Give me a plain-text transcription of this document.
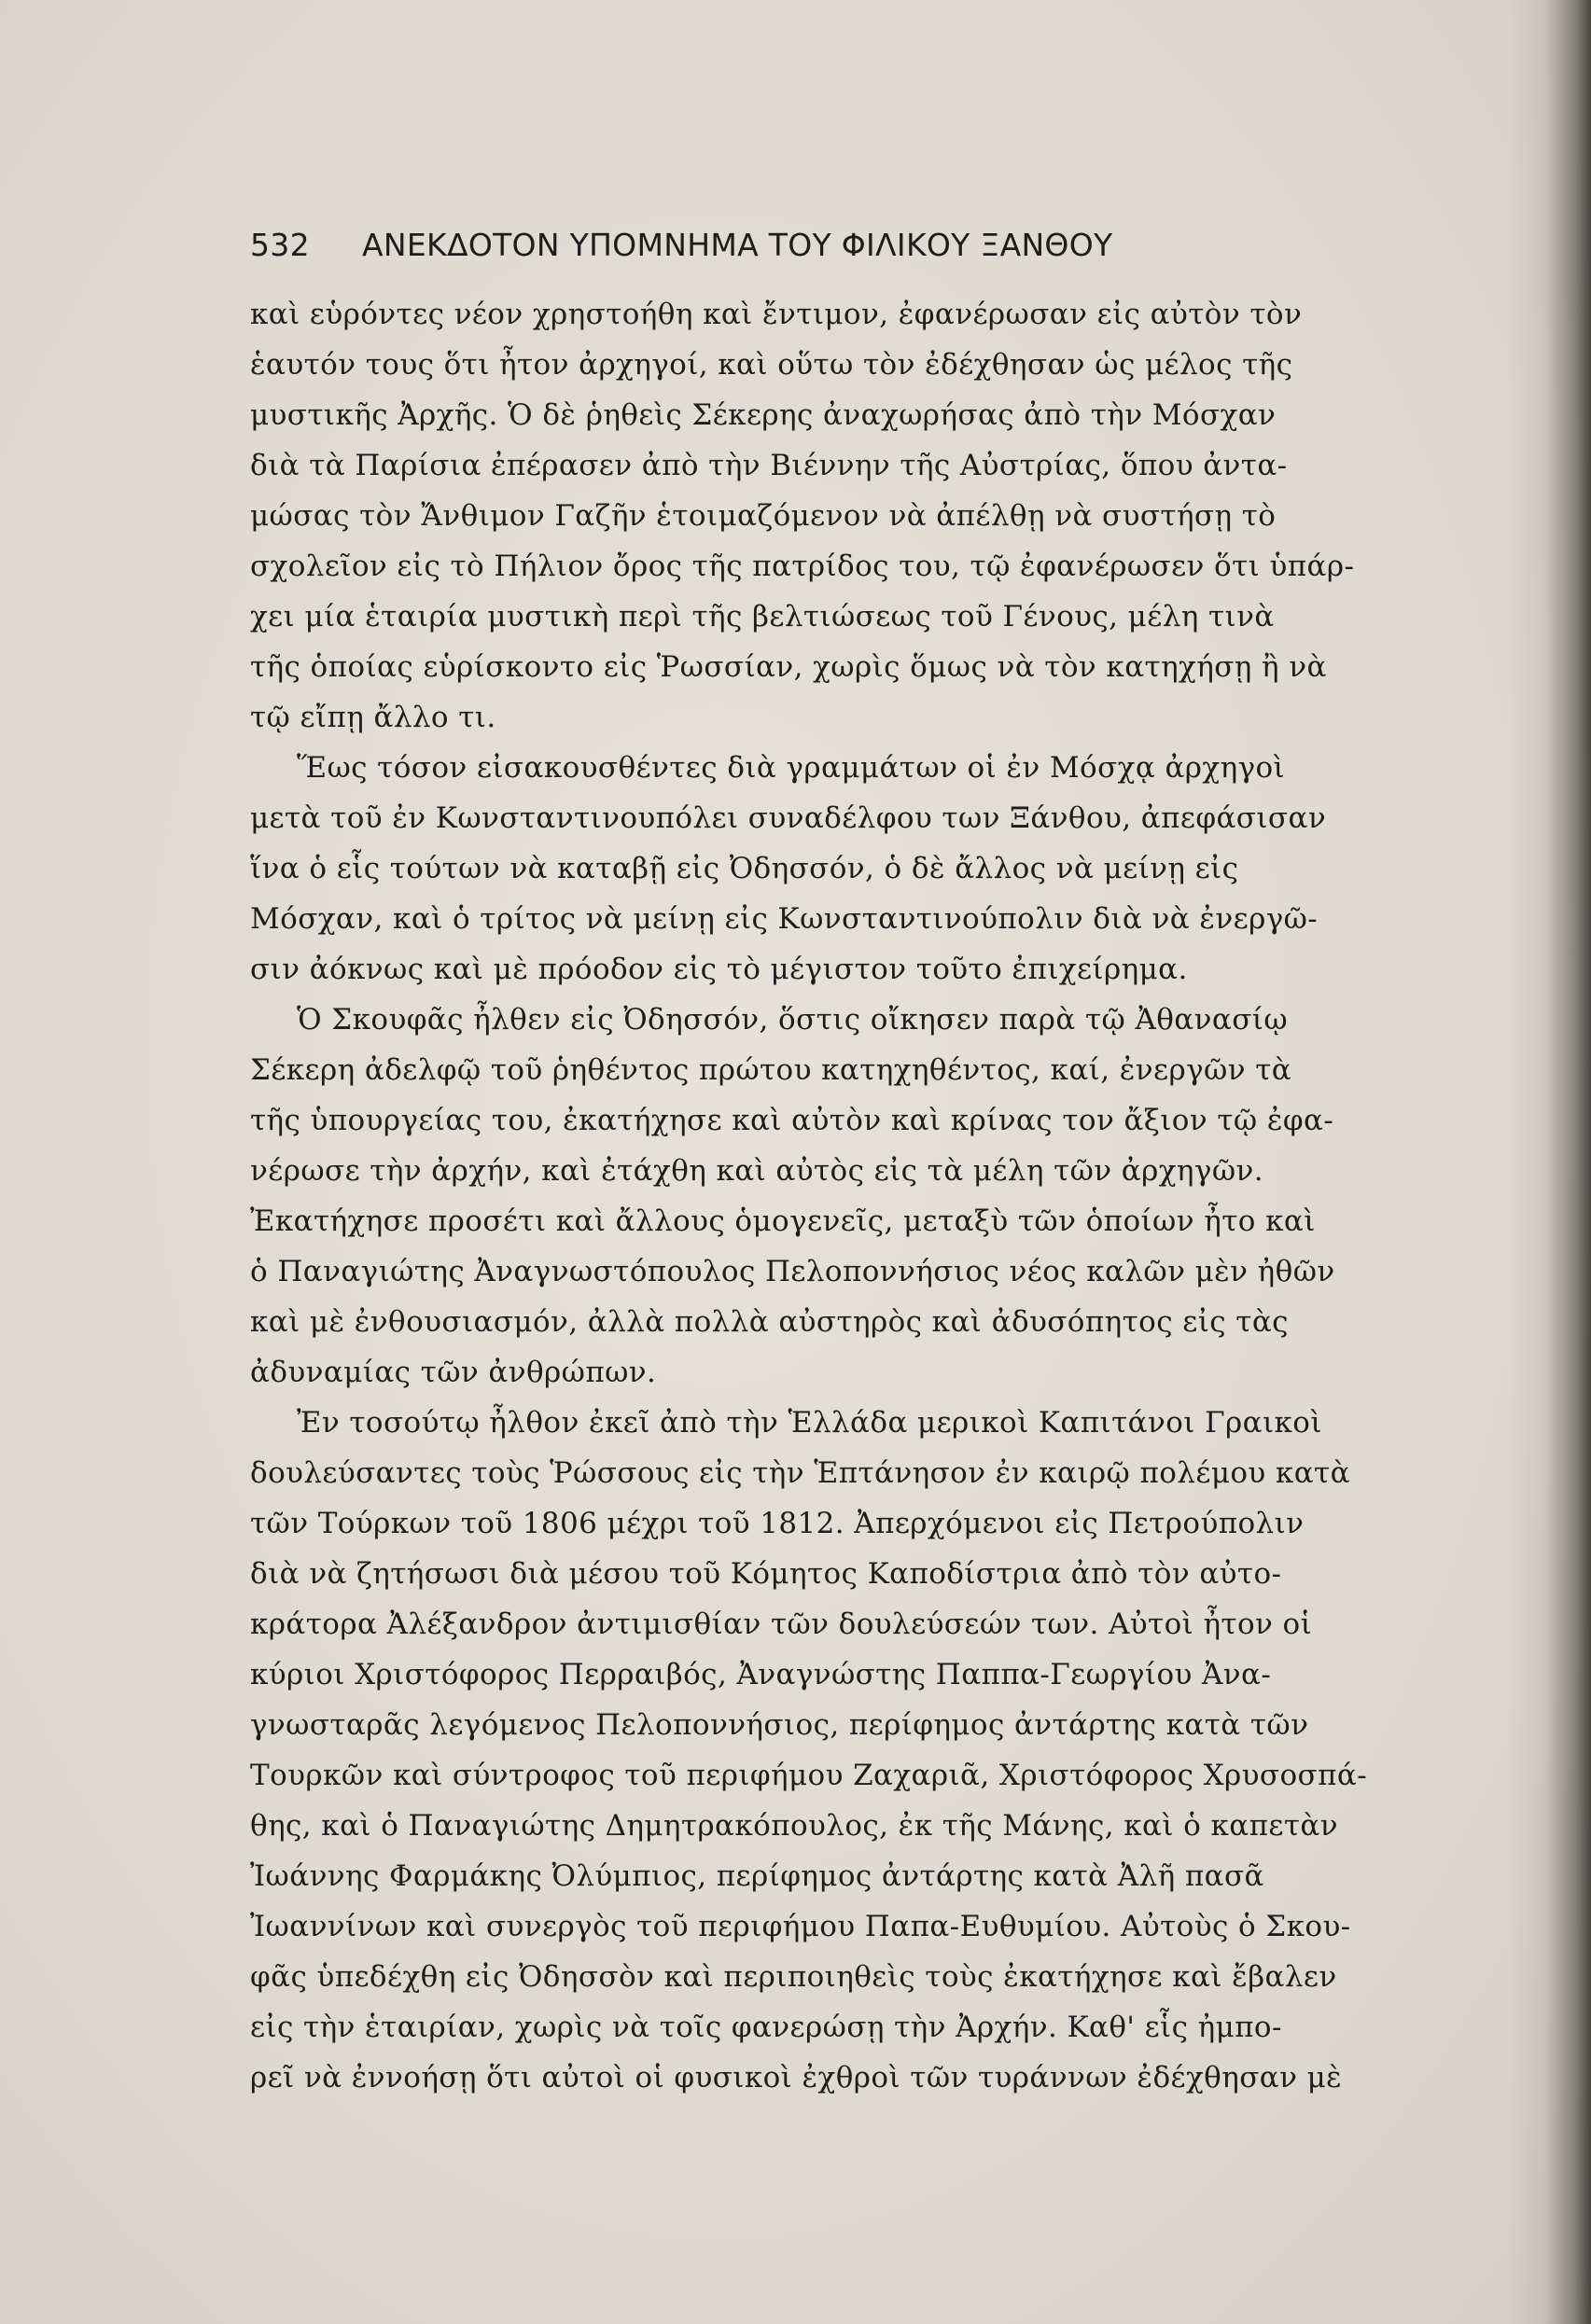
532 ΑΝΕΚΔΟΤΟΝ ΥΠΟΜΝΗΜΑ ΤΟΥ ΦΙΛΙΚΟΥ ΞΑΝΘΟΥ
καὶ εὑρόντες νέον χρηστοήθη καὶ ἔντιμον, ἐφανέρωσαν εἰς αὐτὸν τὸν
ἑαυτόν τους ὅτι ἦτον ἀρχηγοί, καὶ οὕτω τὸν ἐδέχθησαν ὡς μέλος τῆς
μυστικῆς Ἀρχῆς. Ὁ δὲ ῥηθεὶς Σέκερης ἀναχωρήσας ἀπὸ τὴν Μόσχαν
διὰ τὰ Παρίσια ἐπέρασεν ἀπὸ τὴν Βιέννην τῆς Αὐστρίας, ὅπου ἀντα-
μώσας τὸν Ἄνθιμον Γαζῆν ἑτοιμαζόμενον νὰ ἀπέλθῃ νὰ συστήσῃ τὸ
σχολεῖον εἰς τὸ Πήλιον ὄρος τῆς πατρίδος του, τῷ ἐφανέρωσεν ὅτι ὑπάρ-
χει μία ἑταιρία μυστικὴ περὶ τῆς βελτιώσεως τοῦ Γένους, μέλη τινὰ
τῆς ὁποίας εὑρίσκοντο εἰς Ῥωσσίαν, χωρὶς ὅμως νὰ τὸν κατηχήσῃ ἢ νὰ
τῷ εἴπῃ ἄλλο τι.
Ἕως τόσον εἰσακουσθέντες διὰ γραμμάτων οἱ ἐν Μόσχᾳ ἀρχηγοὶ
μετὰ τοῦ ἐν Κωνσταντινουπόλει συναδέλφου των Ξάνθου, ἀπεφάσισαν
ἵνα ὁ εἷς τούτων νὰ καταβῇ εἰς Ὀδησσόν, ὁ δὲ ἄλλος νὰ μείνῃ εἰς
Μόσχαν, καὶ ὁ τρίτος νὰ μείνῃ εἰς Κωνσταντινούπολιν διὰ νὰ ἐνεργῶ-
σιν ἀόκνως καὶ μὲ πρόοδον εἰς τὸ μέγιστον τοῦτο ἐπιχείρημα.
Ὁ Σκουφᾶς ἦλθεν εἰς Ὀδησσόν, ὅστις οἴκησεν παρὰ τῷ Ἀθανασίῳ
Σέκερη ἀδελφῷ τοῦ ῥηθέντος πρώτου κατηχηθέντος, καί, ἐνεργῶν τὰ
τῆς ὑπουργείας του, ἐκατήχησε καὶ αὐτὸν καὶ κρίνας τον ἄξιον τῷ ἐφα-
νέρωσε τὴν ἀρχήν, καὶ ἐτάχθη καὶ αὐτὸς εἰς τὰ μέλη τῶν ἀρχηγῶν.
Ἐκατήχησε προσέτι καὶ ἄλλους ὁμογενεῖς, μεταξὺ τῶν ὁποίων ἦτο καὶ
ὁ Παναγιώτης Ἀναγνωστόπουλος Πελοποννήσιος νέος καλῶν μὲν ἠθῶν
καὶ μὲ ἐνθουσιασμόν, ἀλλὰ πολλὰ αὐστηρὸς καὶ ἀδυσόπητος εἰς τὰς
ἀδυναμίας τῶν ἀνθρώπων.
Ἐν τοσούτῳ ἦλθον ἐκεῖ ἀπὸ τὴν Ἑλλάδα μερικοὶ Καπιτάνοι Γραικοὶ
δουλεύσαντες τοὺς Ῥώσσους εἰς τὴν Ἑπτάνησον ἐν καιρῷ πολέμου κατὰ
τῶν Τούρκων τοῦ 1806 μέχρι τοῦ 1812. Ἀπερχόμενοι εἰς Πετρούπολιν
διὰ νὰ ζητήσωσι διὰ μέσου τοῦ Κόμητος Καποδίστρια ἀπὸ τὸν αὐτο-
κράτορα Ἀλέξανδρον ἀντιμισθίαν τῶν δουλεύσεών των. Αὐτοὶ ἦτον οἱ
κύριοι Χριστόφορος Περραιβός, Ἀναγνώστης Παππα-Γεωργίου Ἀνα-
γνωσταρᾶς λεγόμενος Πελοποννήσιος, περίφημος ἀντάρτης κατὰ τῶν
Τουρκῶν καὶ σύντροφος τοῦ περιφήμου Ζαχαριᾶ, Χριστόφορος Χρυσοσπά-
θης, καὶ ὁ Παναγιώτης Δημητρακόπουλος, ἐκ τῆς Μάνης, καὶ ὁ καπετὰν
Ἰωάννης Φαρμάκης Ὀλύμπιος, περίφημος ἀντάρτης κατὰ Ἀλῆ πασᾶ
Ἰωαννίνων καὶ συνεργὸς τοῦ περιφήμου Παπα-Ευθυμίου. Αὐτοὺς ὁ Σκου-
φᾶς ὑπεδέχθη εἰς Ὀδησσὸν καὶ περιποιηθεὶς τοὺς ἐκατήχησε καὶ ἔβαλεν
εἰς τὴν ἑταιρίαν, χωρὶς νὰ τοῖς φανερώσῃ τὴν Ἀρχήν. Καθ' εἷς ἠμπο-
ρεῖ νὰ ἐννοήσῃ ὅτι αὐτοὶ οἱ φυσικοὶ ἐχθροὶ τῶν τυράννων ἐδέχθησαν μὲ
